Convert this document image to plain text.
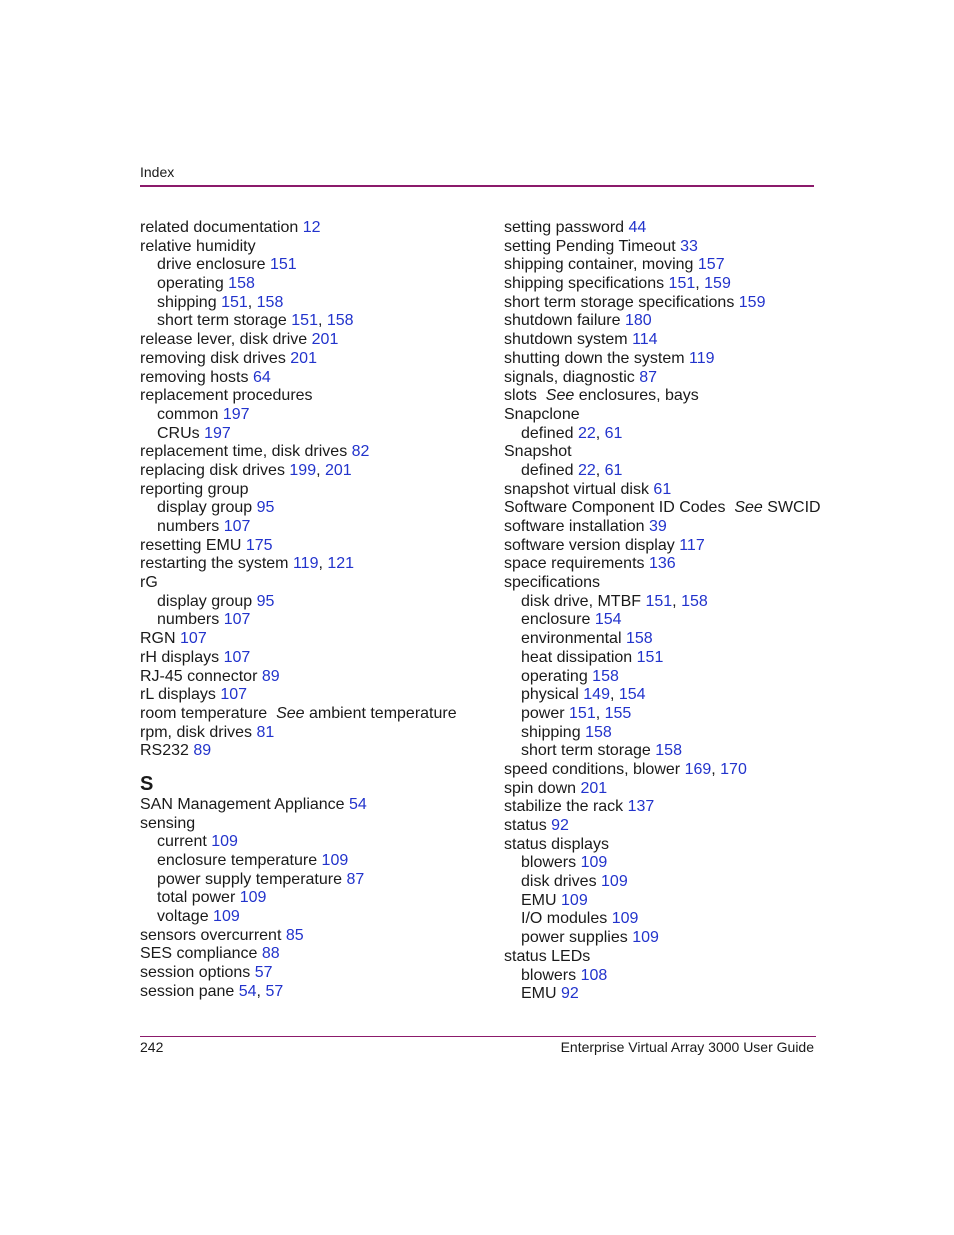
Index
related documentation 12
relative humidity
drive enclosure 151
operating 158
shipping 151, 158
short term storage 151, 158
release lever, disk drive 201
removing disk drives 201
removing hosts 64
replacement procedures
common 197
CRUs 197
replacement time, disk drives 82
replacing disk drives 199, 201
reporting group
display group 95
numbers 107
resetting EMU 175
restarting the system 119, 121
rG
display group 95
numbers 107
RGN 107
rH displays 107
RJ-45 connector 89
rL displays 107
room temperature See ambient temperature
rpm, disk drives 81
RS232 89
S
SAN Management Appliance 54
sensing
current 109
enclosure temperature 109
power supply temperature 87
total power 109
voltage 109
sensors overcurrent 85
SES compliance 88
session options 57
session pane 54, 57
setting password 44
setting Pending Timeout 33
shipping container, moving 157
shipping specifications 151, 159
short term storage specifications 159
shutdown failure 180
shutdown system 114
shutting down the system 119
signals, diagnostic 87
slots See enclosures, bays
Snapclone
defined 22, 61
Snapshot
defined 22, 61
snapshot virtual disk 61
Software Component ID Codes See SWCID
software installation 39
software version display 117
space requirements 136
specifications
disk drive, MTBF 151, 158
enclosure 154
environmental 158
heat dissipation 151
operating 158
physical 149, 154
power 151, 155
shipping 158
short term storage 158
speed conditions, blower 169, 170
spin down 201
stabilize the rack 137
status 92
status displays
blowers 109
disk drives 109
EMU 109
I/O modules 109
power supplies 109
status LEDs
blowers 108
EMU 92
242	Enterprise Virtual Array 3000 User Guide
